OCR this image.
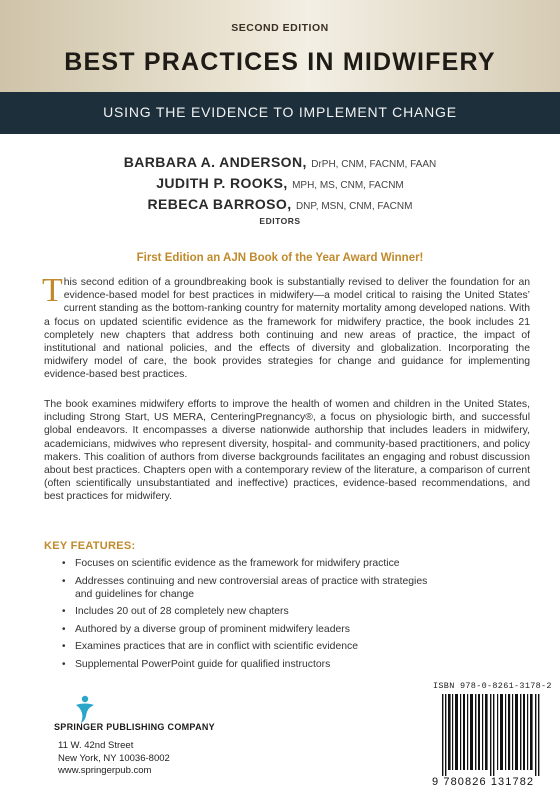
SECOND EDITION
BEST PRACTICES IN MIDWIFERY
USING THE EVIDENCE TO IMPLEMENT CHANGE
BARBARA A. ANDERSON, DrPH, CNM, FACNM, FAAN
JUDITH P. ROOKS, MPH, MS, CNM, FACNM
REBECA BARROSO, DNP, MSN, CNM, FACNM
EDITORS
First Edition an AJN Book of the Year Award Winner!
This second edition of a groundbreaking book is substantially revised to deliver the foundation for an evidence-based model for best practices in midwifery—a model critical to raising the United States’ current standing as the bottom-ranking country for maternity mortality among developed nations. With a focus on updated scientific evidence as the framework for midwifery practice, the book includes 21 completely new chapters that address both continuing and new areas of practice, the impact of institutional and national policies, and the effects of diversity and globalization. Incorporating the midwifery model of care, the book provides strategies for change and guidance for implementing evidence-based best practices.
The book examines midwifery efforts to improve the health of women and children in the United States, including Strong Start, US MERA, CenteringPregnancy®, a focus on physiologic birth, and successful global endeavors. It encompasses a diverse nationwide authorship that includes leaders in midwifery, academicians, midwives who represent diversity, hospital- and community-based practitioners, and policy makers. This coalition of authors from diverse backgrounds facilitates an engaging and robust discussion about best practices. Chapters open with a contemporary review of the literature, a comparison of current (often scientifically unsubstantiated and ineffective) practices, evidence-based recommendations, and best practices for midwifery.
KEY FEATURES:
• Focuses on scientific evidence as the framework for midwifery practice
• Addresses continuing and new controversial areas of practice with strategies and guidelines for change
• Includes 20 out of 28 completely new chapters
• Authored by a diverse group of prominent midwifery leaders
• Examines practices that are in conflict with scientific evidence
• Supplemental PowerPoint guide for qualified instructors
ISBN 978-0-8261-3178-2
9 780826 131782
SPRINGER PUBLISHING COMPANY
11 W. 42nd Street
New York, NY 10036-8002
www.springerpub.com
